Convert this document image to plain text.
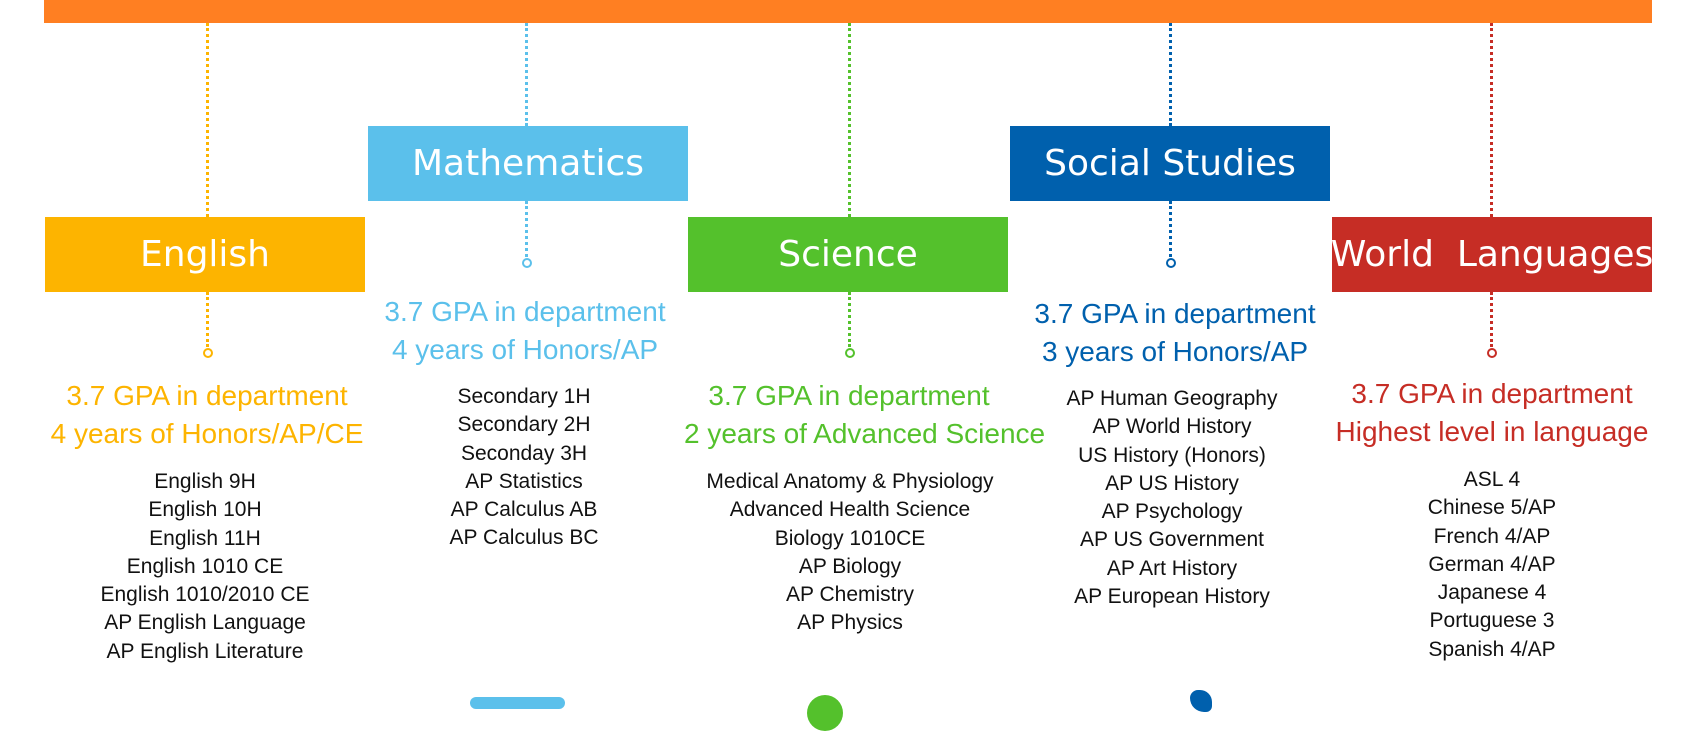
English
3.7 GPA in department
4 years of Honors/AP/CE
English 9H
English 10H
English 11H
English 1010 CE
English 1010/2010 CE
AP English Language
AP English Literature
Mathematics
3.7 GPA in department
4 years of Honors/AP
Secondary 1H
Secondary 2H
Seconday 3H
AP Statistics
AP Calculus AB
AP Calculus BC
Science
3.7 GPA in department
2 years of Advanced Science
Medical Anatomy & Physiology
Advanced Health Science
Biology 1010CE
AP Biology
AP Chemistry
AP Physics
Social Studies
3.7 GPA in department
3 years of Honors/AP
AP Human Geography
AP World History
US History (Honors)
AP US History
AP Psychology
AP US Government
AP Art History
AP European History
World  Languages
3.7 GPA in department
Highest level in language
ASL 4
Chinese 5/AP
French 4/AP
German 4/AP
Japanese 4
Portuguese 3
Spanish 4/AP
